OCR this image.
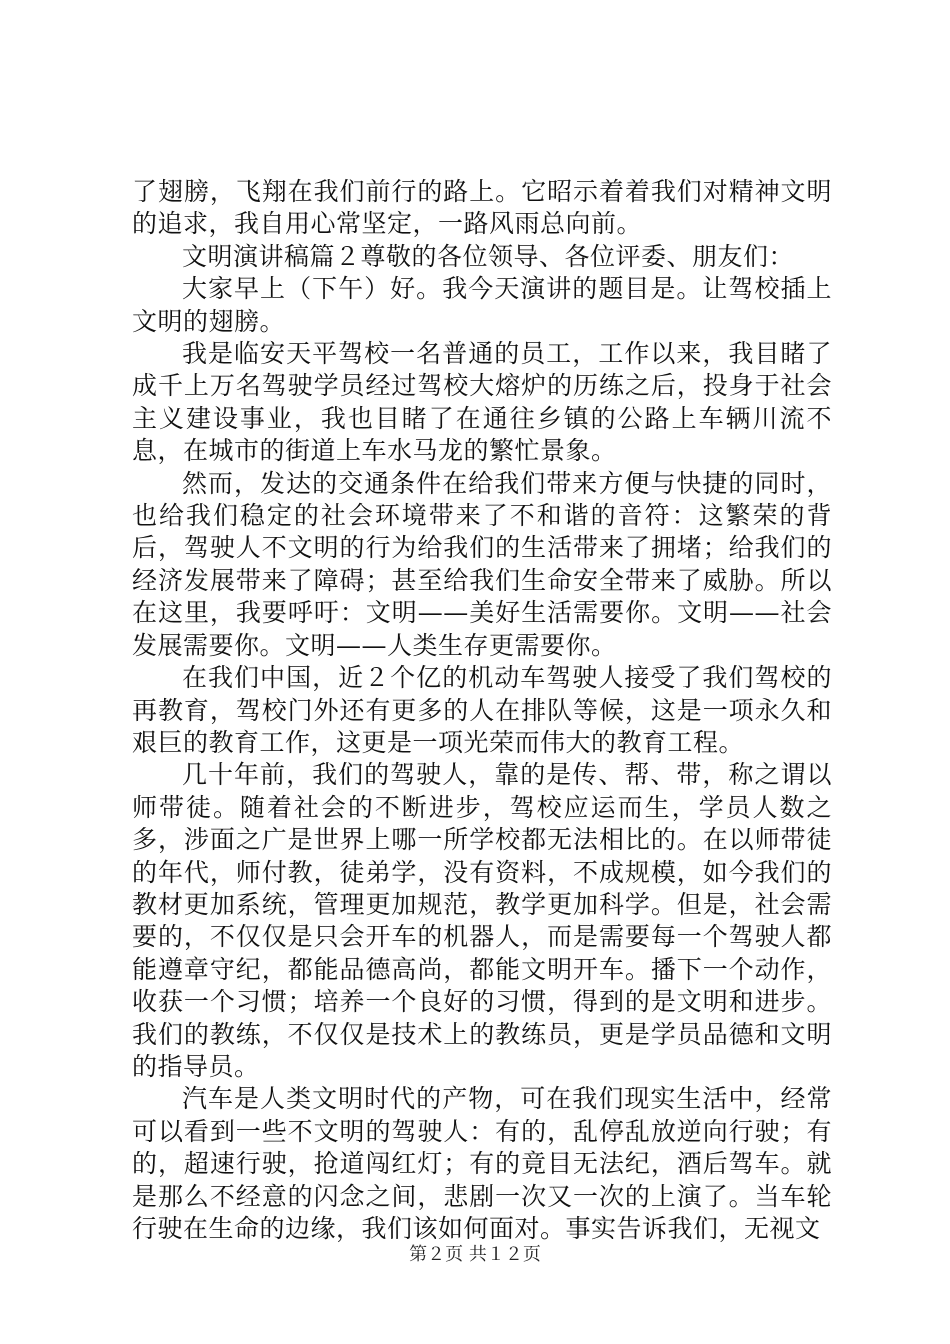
了翅膀，飞翔在我们前行的路上。它昭示着着我们对精神文明的追求，我自用心常坚定，一路风雨总向前。

文明演讲稿篇２尊敬的各位领导、各位评委、朋友们：

大家早上（下午）好。我今天演讲的题目是。让驾校插上文明的翅膀。

我是临安天平驾校一名普通的员工，工作以来，我目睹了成千上万名驾驶学员经过驾校大熔炉的历练之后，投身于社会主义建设事业，我也目睹了在通往乡镇的公路上车辆川流不息，在城市的街道上车水马龙的繁忙景象。

然而，发达的交通条件在给我们带来方便与快捷的同时，也给我们稳定的社会环境带来了不和谐的音符：这繁荣的背后，驾驶人不文明的行为给我们的生活带来了拥堵；给我们的经济发展带来了障碍；甚至给我们生命安全带来了威胁。所以在这里，我要呼吁：文明——美好生活需要你。文明——社会发展需要你。文明——人类生存更需要你。

在我们中国，近２个亿的机动车驾驶人接受了我们驾校的再教育，驾校门外还有更多的人在排队等候，这是一项永久和艰巨的教育工作，这更是一项光荣而伟大的教育工程。

几十年前，我们的驾驶人，靠的是传、帮、带，称之谓以师带徒。随着社会的不断进步，驾校应运而生，学员人数之多，涉面之广是世界上哪一所学校都无法相比的。在以师带徒的年代，师付教，徒弟学，没有资料，不成规模，如今我们的教材更加系统，管理更加规范，教学更加科学。但是，社会需要的，不仅仅是只会开车的机器人，而是需要每一个驾驶人都能遵章守纪，都能品德高尚，都能文明开车。播下一个动作，收获一个习惯；培养一个良好的习惯，得到的是文明和进步。我们的教练，不仅仅是技术上的教练员，更是学员品德和文明的指导员。

汽车是人类文明时代的产物，可在我们现实生活中，经常可以看到一些不文明的驾驶人：有的，乱停乱放逆向行驶；有的，超速行驶，抢道闯红灯；有的竟目无法纪，酒后驾车。就是那么不经意的闪念之间，悲剧一次又一次的上演了。当车轮行驶在生命的边缘，我们该如何面对。事实告诉我们，无视文

第２页 共１２页
